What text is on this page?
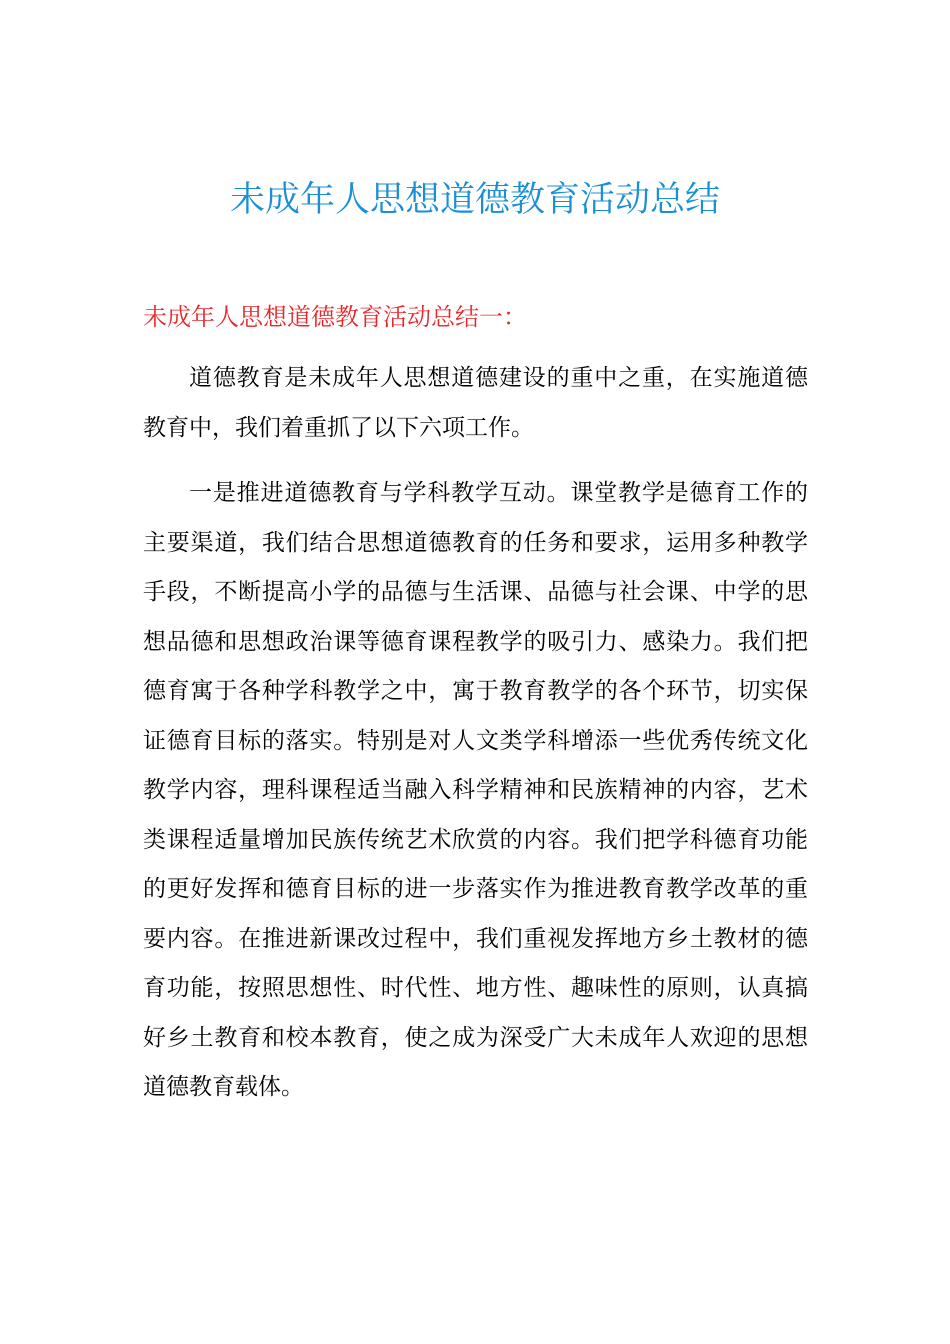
未成年人思想道德教育活动总结
未成年人思想道德教育活动总结一：

道德教育是未成年人思想道德建设的重中之重，在实施道德教育中，我们着重抓了以下六项工作。

一是推进道德教育与学科教学互动。课堂教学是德育工作的主要渠道，我们结合思想道德教育的任务和要求，运用多种教学手段，不断提高小学的品德与生活课、品德与社会课、中学的思想品德和思想政治课等德育课程教学的吸引力、感染力。我们把德育寓于各种学科教学之中，寓于教育教学的各个环节，切实保证德育目标的落实。特别是对人文类学科增添一些优秀传统文化教学内容，理科课程适当融入科学精神和民族精神的内容，艺术类课程适量增加民族传统艺术欣赏的内容。我们把学科德育功能的更好发挥和德育目标的进一步落实作为推进教育教学改革的重要内容。在推进新课改过程中，我们重视发挥地方乡土教材的德育功能，按照思想性、时代性、地方性、趣味性的原则，认真搞好乡土教育和校本教育，使之成为深受广大未成年人欢迎的思想道德教育载体。
